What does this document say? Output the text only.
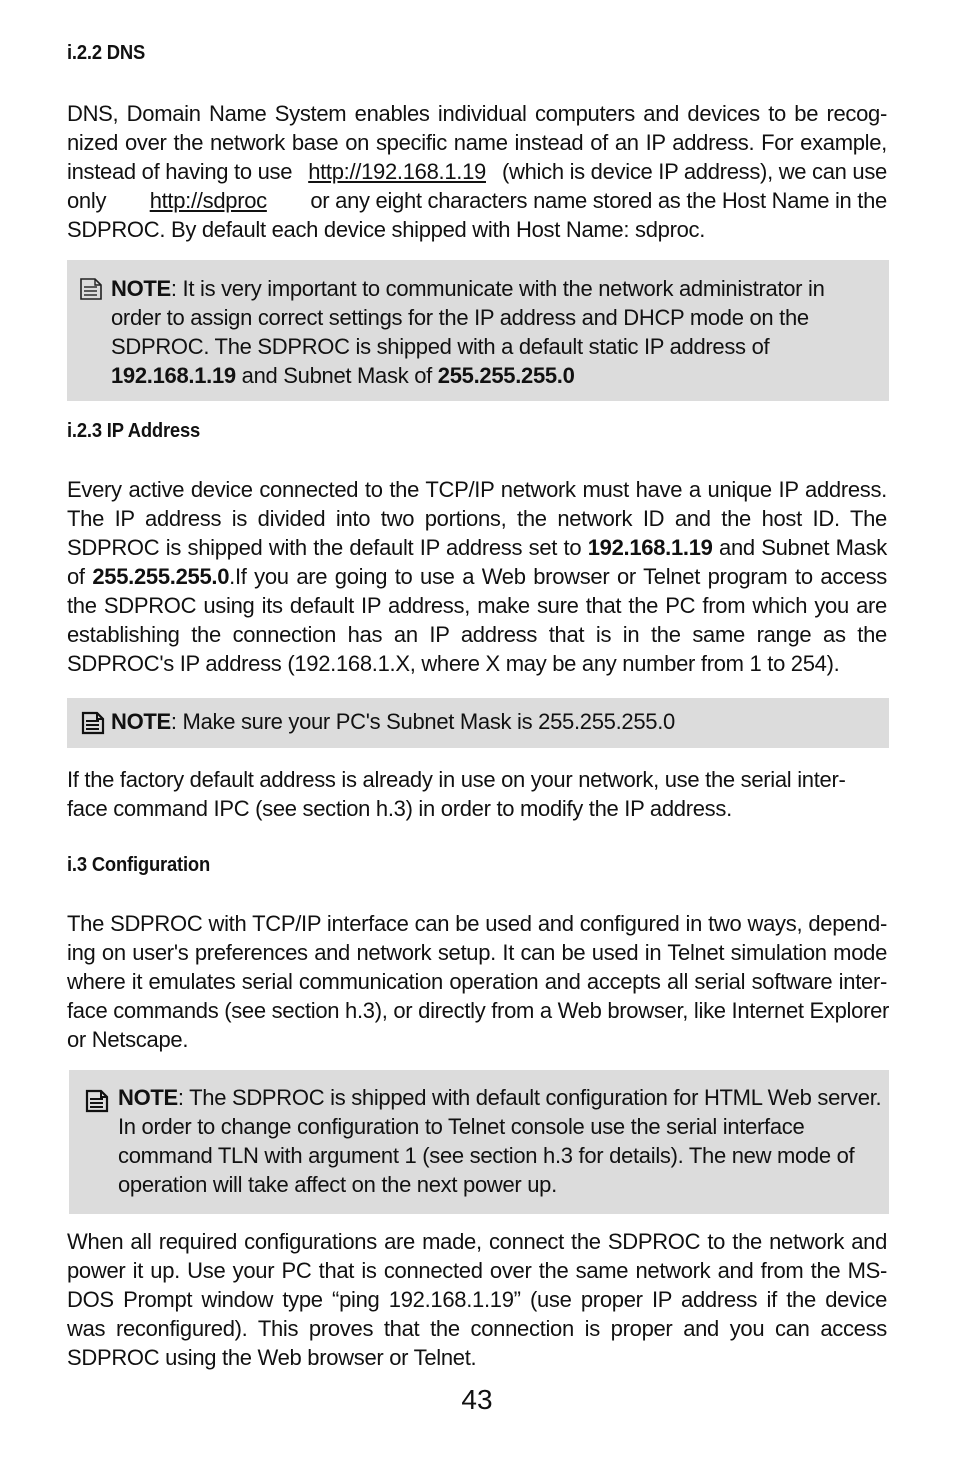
i.2.2 DNS
DNS, Domain Name System enables individual computers and devices to be recog-
nized over the network base on specific name instead of an IP address. For example,
instead of having to use http://192.168.1.19 (which is device IP address), we can use
only http://sdproc or any eight characters name stored as the Host Name in the
SDPROC. By default each device shipped with Host Name: sdproc.
NOTE: It is very important to communicate with the network administrator in
order to assign correct settings for the IP address and DHCP mode on the
SDPROC. The SDPROC is shipped with a default static IP address of
192.168.1.19 and Subnet Mask of 255.255.255.0
i.2.3 IP Address
Every active device connected to the TCP/IP network must have a unique IP address.
The IP address is divided into two portions, the network ID and the host ID. The
SDPROC is shipped with the default IP address set to 192.168.1.19 and Subnet Mask
of 255.255.255.0.If you are going to use a Web browser or Telnet program to access
the SDPROC using its default IP address, make sure that the PC from which you are
establishing the connection has an IP address that is in the same range as the
SDPROC's IP address (192.168.1.X, where X may be any number from 1 to 254).
NOTE: Make sure your PC's Subnet Mask is 255.255.255.0
If the factory default address is already in use on your network, use the serial inter-
face command IPC (see section h.3) in order to modify the IP address.
i.3 Configuration
The SDPROC with TCP/IP interface can be used and configured in two ways, depend-
ing on user's preferences and network setup. It can be used in Telnet simulation mode
where it emulates serial communication operation and accepts all serial software inter-
face commands (see section h.3), or directly from a Web browser, like Internet Explorer
or Netscape.
NOTE: The SDPROC is shipped with default configuration for HTML Web server.
In order to change configuration to Telnet console use the serial interface
command TLN with argument 1 (see section h.3 for details). The new mode of
operation will take affect on the next power up.
When all required configurations are made, connect the SDPROC to the network and
power it up. Use your PC that is connected over the same network and from the MS-
DOS Prompt window type “ping 192.168.1.19” (use proper IP address if the device
was reconfigured). This proves that the connection is proper and you can access
SDPROC using the Web browser or Telnet.
43
